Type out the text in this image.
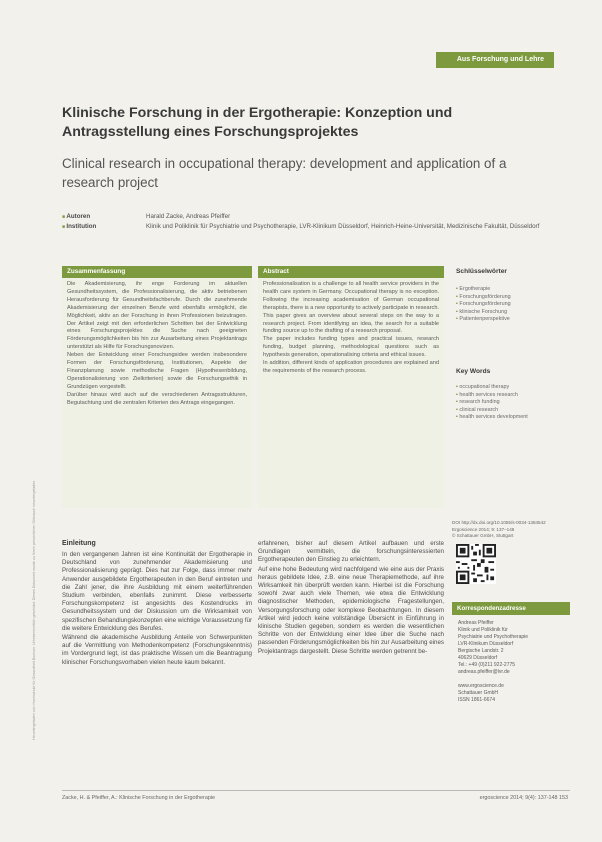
Aus Forschung und Lehre
Heruntergeladen von: Hochschule für Gesundheit Bochum. Urheberrechtlich geschützt. Dieses Dokument wurde zu Ihrem persönlichen Gebrauch heruntergeladen.
Klinische Forschung in der Ergotherapie: Konzeption und Antragsstellung eines Forschungsprojektes
Clinical research in occupational therapy: development and application of a research project
■ Autoren	Harald Zacke, Andreas Pfeiffer
■ Institution	Klinik und Poliklinik für Psychiatrie und Psychotherapie, LVR-Klinikum Düsseldorf, Heinrich-Heine-Universität, Medizinische Fakultät, Düsseldorf
Zusammenfassung

Die Akademisierung, ihr enge Forderung im aktuellen Gesundheitssystem, die Professionalisierung, die aktiv betriebenen Herausforderung für Gesundheitsfachberufe. Durch die zunehmende Akademisierung der einzelnen Berufe wird ebenfalls ermöglicht, die Möglichkeit, aktiv an der Forschung in ihren Professionen beizutragen. Der Artikel zeigt mit den erforderlichen Schritten bei der Entwicklung eines Forschungsprojektes die Suche nach geeigneten Förderungsmöglichkeiten bis hin zur Ausarbeitung eines Projektantrags unterstützt als Hilfe für Forschungsnovizen.

Neben der Entwicklung einer Forschungsidee werden insbesondere Formen der Forschungsförderung, Institutionen, Aspekte der Finanzplanung sowie methodische Fragen (Hypothesenbildung, Operationalisierung von Zielkriterien) sowie die Forschungsethik in Grundzügen vorgestellt.

Darüber hinaus wird auch auf die verschiedenen Antragsstrukturen, Begutachtung und die zentralen Kriterien des Antrags eingegangen.

Abstract

Professionalisation is a challenge to all health service providers in the health care system in Germany. Occupational therapy is no exception. Following the increasing academisation of German occupational therapists, there is a new opportunity to actively participate in research.

This paper gives an overview about several steps on the way to a research project. From identifying an idea, the search for a suitable funding source up to the drafting of a research proposal.

The paper includes funding types and practical issues, research funding, budget planning, methodological questions such as hypothesis generation, operationalising criteria and ethical issues.

In addition, different kinds of application procedures are explained and the requirements of the research process.

Schlüsselwörter
▪ Ergotherapie
▪ Forschungsförderung
▪ Forschungsförderung
▪ klinische Forschung
▪ Patientenperspektive
Key Words
▪ occupational therapy
▪ health services research
▪ research funding
▪ clinical research
▪ health services development
DOI http://dx.doi.org/10.1055/s-0034-1384542
Ergoscience 2014; 9: 137–148
© Schattauer GmbH, Stuttgart
Korrespondenzadresse
Andreas Pfeiffer
Klinik und Poliklinik für
Psychiatrie und Psychotherapie
LVR-Klinikum Düsseldorf
Bergische Landstr. 2
40629 Düsseldorf
Tel.: +49 (0)211 922-2775
andreas.pfeiffer@lvr.de

www.ergoscience.de
Schattauer GmbH
ISSN 1861-6674
Einleitung

In den vergangenen Jahren ist eine Kontinuität der Ergotherapie in Deutschland von zunehmender Akademisierung und Professionalisierung geprägt. Dies hat zur Folge, dass immer mehr Anwender ausgebildete Ergotherapeuten in den Beruf eintreten und die Zahl jener, die ihre Ausbildung mit einem weiterführenden Studium verbinden, ebenfalls zunimmt. Diese verbesserte Forschungskompetenz ist angesichts des Kostendrucks im Gesundheitssystem und der Diskussion um die Wirksamkeit von spezifischen Behandlungskonzepten eine wichtige Voraussetzung für die weitere Entwicklung des Berufes.

Während die akademische Ausbildung Anteile von Schwerpunkten auf die Vermittlung von Methodenkompetenz (Forschungskenntnis) im Vordergrund legt, ist das praktische Wissen um die Beantragung klinischer Forschungsvorhaben vielen heute kaum bekannt.

erfahrenen, bisher auf diesem Artikel aufbauen und erste Grundlagen vermitteln, die forschungsinteressierten Ergotherapeuten den Einstieg zu erleichtern.

Auf eine hohe Bedeutung wird nachfolgend wie eine aus der Praxis heraus gebildete Idee, z.B. eine neue Therapiemethode, auf ihre Wirksamkeit hin überprüft werden kann. Hierbei ist die Forschung sowohl zwar auch viele Themen, wie etwa die Entwicklung diagnostischer Methoden, epidemiologische Fragestellungen, Versorgungsforschung oder komplexe Beobachtungen. In diesem Artikel wird jedoch keine vollständige Übersicht in Einführung in klinische Studien gegeben, sondern es werden die wesentlichen Schritte von der Entwicklung einer Idee über die Suche nach passenden Förderungsmöglichkeiten bis hin zur Ausarbeitung eines Projektantrags dargestellt. Diese Schritte werden getrennt be-

Zacke, H. & Pfeiffer, A.: Klinische Forschung in der Ergotherapie	ergoscience 2014; 9(4): 137-148 153
